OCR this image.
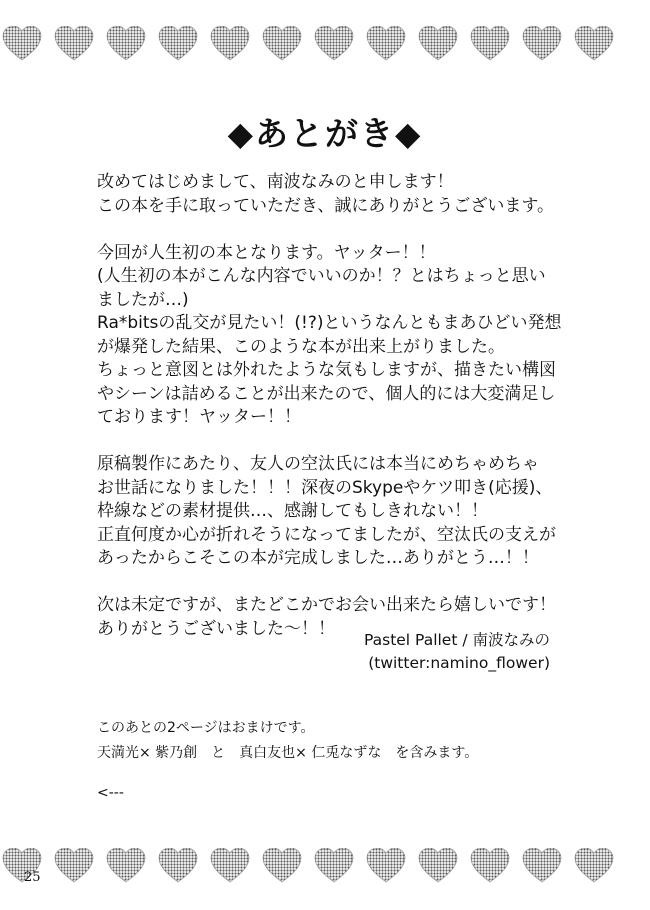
◆あとがき◆
改めてはじめまして、南波なみのと申します！
この本を手に取っていただき、誠にありがとうございます。
今回が人生初の本となります。ヤッター！！
(人生初の本がこんな内容でいいのか！？とはちょっと思い
ましたが…)
Ra*bitsの乱交が見たい！(!?)というなんともまあひどい発想
が爆発した結果、このような本が出来上がりました。
ちょっと意図とは外れたような気もしますが、描きたい構図
やシーンは詰めることが出来たので、個人的には大変満足し
ております！ヤッター！！
原稿製作にあたり、友人の空汰氏には本当にめちゃめちゃ
お世話になりました！！！深夜のSkypeやケツ叩き(応援)、
枠線などの素材提供…、感謝してもしきれない！！
正直何度か心が折れそうになってましたが、空汰氏の支えが
あったからこそこの本が完成しました…ありがとう…！！
次は未定ですが、またどこかでお会い出来たら嬉しいです！
ありがとうございました～！！
Pastel Pallet / 南波なみの
(twitter:namino_flower)
このあとの2ページはおまけです。
天満光× 紫乃創　と　真白友也× 仁兎なずな　を含みます。
<---
25
